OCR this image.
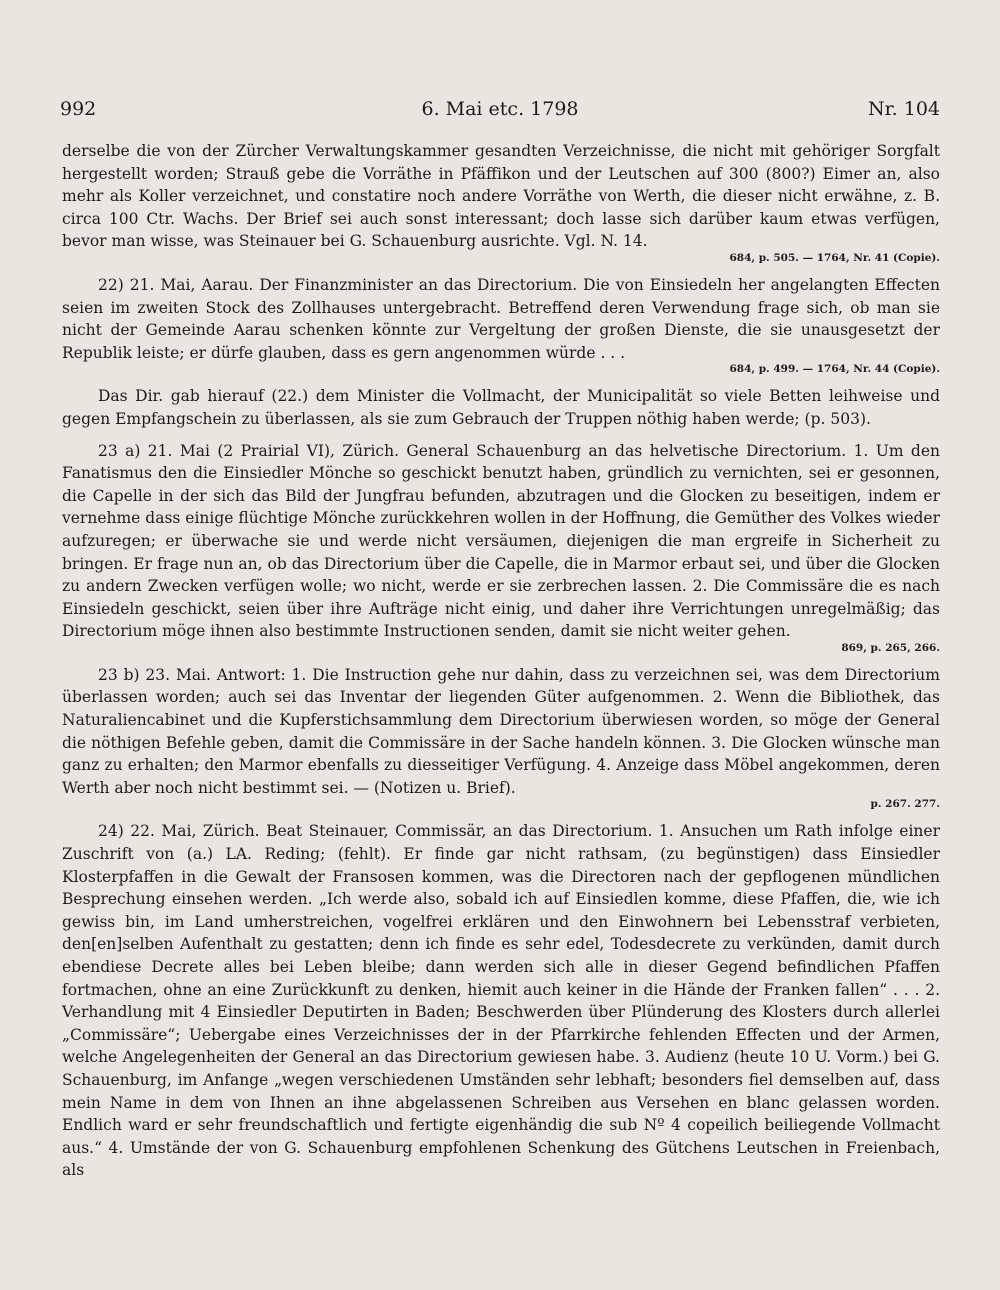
992	6. Mai etc. 1798	Nr. 104

derselbe die von der Zürcher Verwaltungskammer gesandten Verzeichnisse, die nicht mit gehöriger Sorgfalt hergestellt worden; Strauß gebe die Vorräthe in Pfäffikon und der Leutschen auf 300 (800?) Eimer an, also mehr als Koller verzeichnet, und constatire noch andere Vorräthe von Werth, die dieser nicht erwähne, z. B. circa 100 Ctr. Wachs. Der Brief sei auch sonst interessant; doch lasse sich darüber kaum etwas verfügen, bevor man wisse, was Steinauer bei G. Schauenburg ausrichte. Vgl. N. 14.

684, p. 505. — 1764, Nr. 41 (Copie).

22) 21. Mai, Aarau. Der Finanzminister an das Directorium. Die von Einsiedeln her angelangten Effecten seien im zweiten Stock des Zollhauses untergebracht. Betreffend deren Verwendung frage sich, ob man sie nicht der Gemeinde Aarau schenken könnte zur Vergeltung der großen Dienste, die sie unausgesetzt der Republik leiste; er dürfe glauben, dass es gern angenommen würde . . .

684, p. 499. — 1764, Nr. 44 (Copie).

Das Dir. gab hierauf (22.) dem Minister die Vollmacht, der Municipalität so viele Betten leihweise und gegen Empfangschein zu überlassen, als sie zum Gebrauch der Truppen nöthig haben werde; (p. 503).

23 a) 21. Mai (2 Prairial VI), Zürich. General Schauenburg an das helvetische Directorium. 1. Um den Fanatismus den die Einsiedler Mönche so geschickt benutzt haben, gründlich zu vernichten, sei er gesonnen, die Capelle in der sich das Bild der Jungfrau befunden, abzutragen und die Glocken zu beseitigen, indem er vernehme dass einige flüchtige Mönche zurückkehren wollen in der Hoffnung, die Gemüther des Volkes wieder aufzuregen; er überwache sie und werde nicht versäumen, diejenigen die man ergreife in Sicherheit zu bringen. Er frage nun an, ob das Directorium über die Capelle, die in Marmor erbaut sei, und über die Glocken zu andern Zwecken verfügen wolle; wo nicht, werde er sie zerbrechen lassen. 2. Die Commissäre die es nach Einsiedeln geschickt, seien über ihre Aufträge nicht einig, und daher ihre Verrichtungen unregelmäßig; das Directorium möge ihnen also bestimmte Instructionen senden, damit sie nicht weiter gehen.

869, p. 265, 266.

23 b) 23. Mai. Antwort: 1. Die Instruction gehe nur dahin, dass zu verzeichnen sei, was dem Directorium überlassen worden; auch sei das Inventar der liegenden Güter aufgenommen. 2. Wenn die Bibliothek, das Naturaliencabinet und die Kupferstichsammlung dem Directorium überwiesen worden, so möge der General die nöthigen Befehle geben, damit die Commissäre in der Sache handeln können. 3. Die Glocken wünsche man ganz zu erhalten; den Marmor ebenfalls zu diesseitiger Verfügung. 4. Anzeige dass Möbel angekommen, deren Werth aber noch nicht bestimmt sei. — (Notizen u. Brief).

p. 267. 277.

24) 22. Mai, Zürich. Beat Steinauer, Commissär, an das Directorium. 1. Ansuchen um Rath infolge einer Zuschrift von (a.) LA. Reding; (fehlt). Er finde gar nicht rathsam, (zu begünstigen) dass Einsiedler Klosterpfaffen in die Gewalt der Fransosen kommen, was die Directoren nach der gepflogenen mündlichen Besprechung einsehen werden. „Ich werde also, sobald ich auf Einsiedlen komme, diese Pfaffen, die, wie ich gewiss bin, im Land umherstreichen, vogelfrei erklären und den Einwohnern bei Lebensstraf verbieten, den[en]selben Aufenthalt zu gestatten; denn ich finde es sehr edel, Todesdecrete zu verkünden, damit durch ebendiese Decrete alles bei Leben bleibe; dann werden sich alle in dieser Gegend befindlichen Pfaffen fortmachen, ohne an eine Zurückkunft zu denken, hiemit auch keiner in die Hände der Franken fallen“ . . . 2. Verhandlung mit 4 Einsiedler Deputirten in Baden; Beschwerden über Plünderung des Klosters durch allerlei „Commissäre“; Uebergabe eines Verzeichnisses der in der Pfarrkirche fehlenden Effecten und der Armen, welche Angelegenheiten der General an das Directorium gewiesen habe. 3. Audienz (heute 10 U. Vorm.) bei G. Schauenburg, im Anfange „wegen verschiedenen Umständen sehr lebhaft; besonders fiel demselben auf, dass mein Name in dem von Ihnen an ihne abgelassenen Schreiben aus Versehen en blanc gelassen worden. Endlich ward er sehr freundschaftlich und fertigte eigenhändig die sub Nº 4 copeilich beiliegende Vollmacht aus.“ 4. Umstände der von G. Schauenburg empfohlenen Schenkung des Gütchens Leutschen in Freienbach, als
